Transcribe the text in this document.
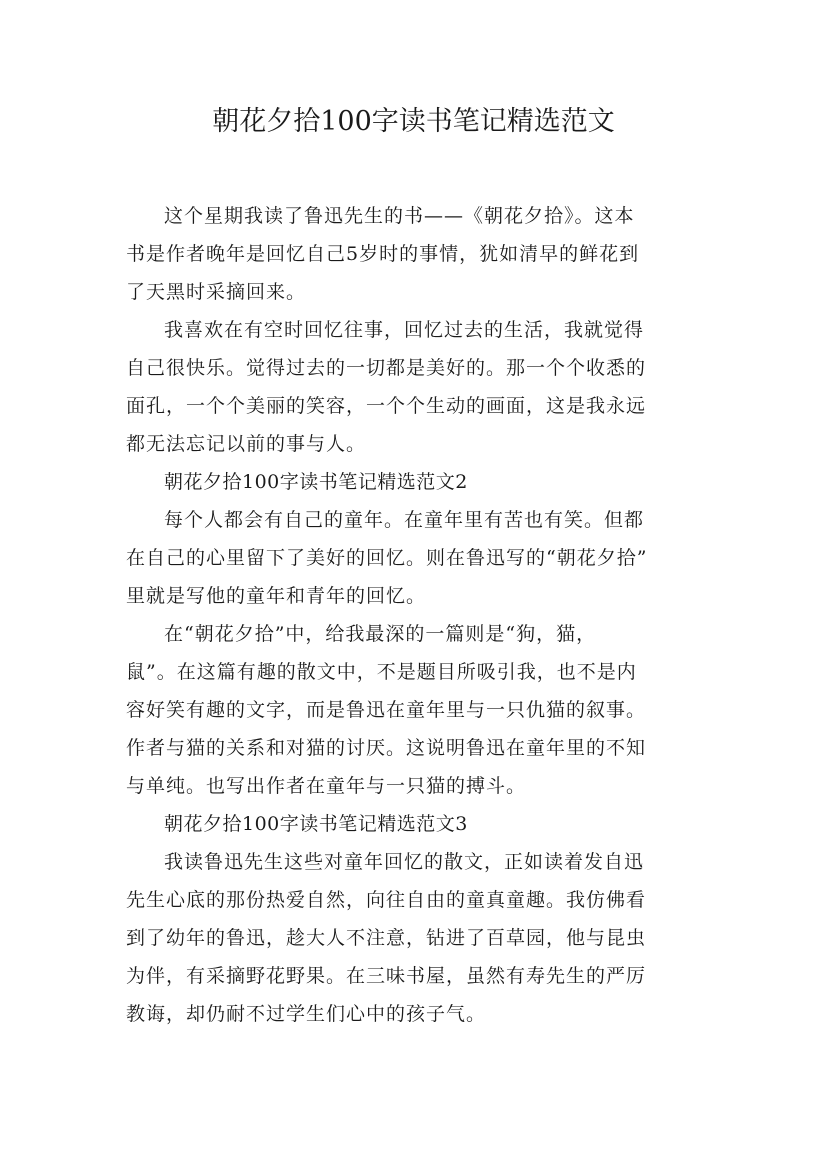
朝花夕拾100字读书笔记精选范文

这个星期我读了鲁迅先生的书——《朝花夕拾》。这本
书是作者晚年是回忆自己5岁时的事情，犹如清早的鲜花到
了天黑时采摘回来。

我喜欢在有空时回忆往事，回忆过去的生活，我就觉得
自己很快乐。觉得过去的一切都是美好的。那一个个收悉的
面孔，一个个美丽的笑容，一个个生动的画面，这是我永远
都无法忘记以前的事与人。

朝花夕拾100字读书笔记精选范文2

每个人都会有自己的童年。在童年里有苦也有笑。但都
在自己的心里留下了美好的回忆。则在鲁迅写的“朝花夕拾”
里就是写他的童年和青年的回忆。

在“朝花夕拾”中，给我最深的一篇则是“狗，猫，
鼠”。在这篇有趣的散文中，不是题目所吸引我，也不是内
容好笑有趣的文字，而是鲁迅在童年里与一只仇猫的叙事。
作者与猫的关系和对猫的讨厌。这说明鲁迅在童年里的不知
与单纯。也写出作者在童年与一只猫的搏斗。

朝花夕拾100字读书笔记精选范文3

我读鲁迅先生这些对童年回忆的散文，正如读着发自迅
先生心底的那份热爱自然，向往自由的童真童趣。我仿佛看
到了幼年的鲁迅，趁大人不注意，钻进了百草园，他与昆虫
为伴，有采摘野花野果。在三味书屋，虽然有寿先生的严厉
教诲，却仍耐不过学生们心中的孩子气。
